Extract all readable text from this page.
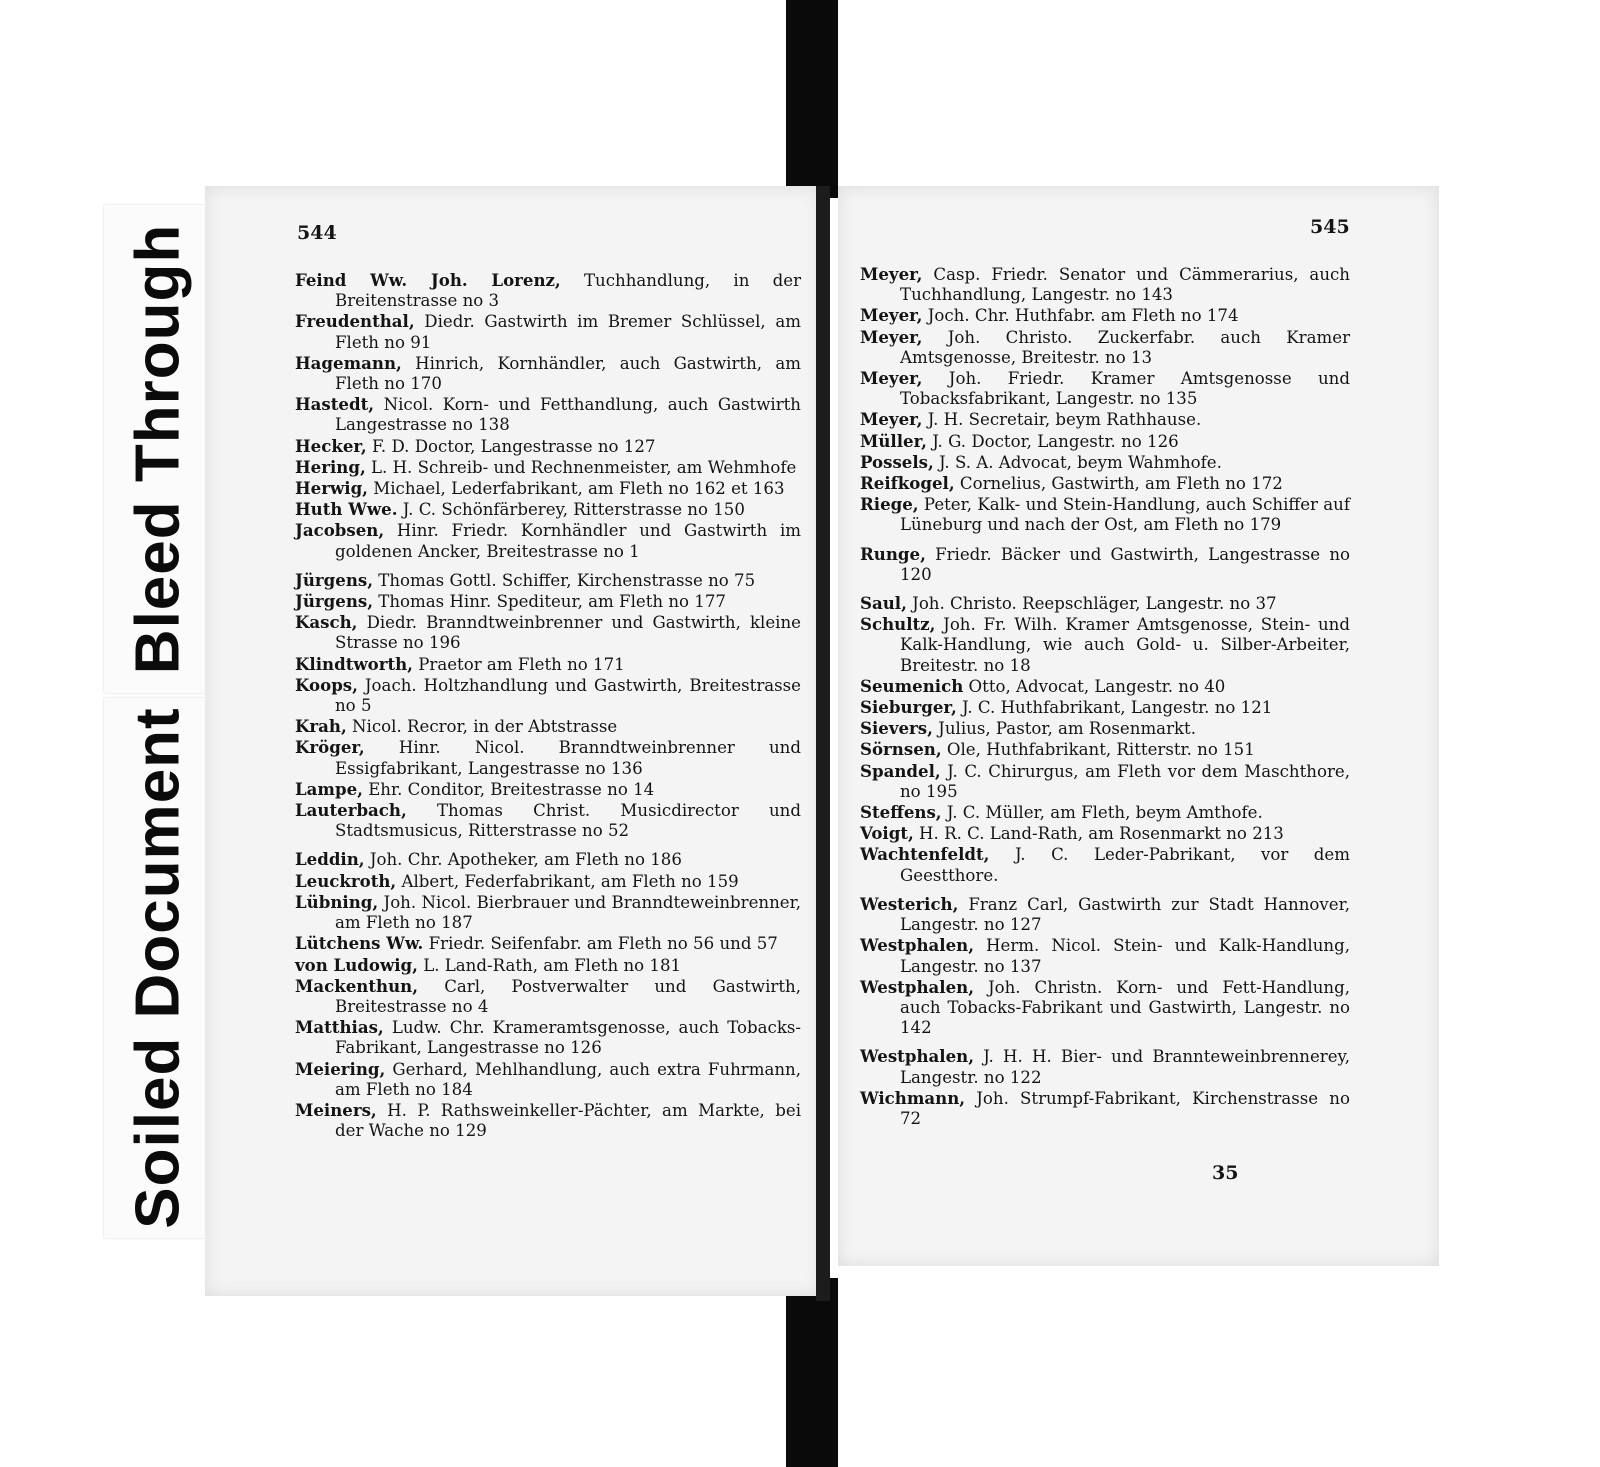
Bleed Through
Soiled Document
544
Feind Ww. Joh. Lorenz, Tuchhandlung, in der Breitenstrasse no 3
Freudenthal, Diedr. Gastwirth im Bremer Schlüssel, am Fleth no 91
Hagemann, Hinrich, Kornhändler, auch Gastwirth, am Fleth no 170
Hastedt, Nicol. Korn- und Fetthandlung, auch Gastwirth Langestrasse no 138
Hecker, F. D. Doctor, Langestrasse no 127
Hering, L. H. Schreib- und Rechnenmeister, am Wehmhofe
Herwig, Michael, Lederfabrikant, am Fleth no 162 et 163
Huth Wwe. J. C. Schönfärberey, Ritterstrasse no 150
Jacobsen, Hinr. Friedr. Kornhändler und Gastwirth im goldenen Ancker, Breitestrasse no 1
Jürgens, Thomas Gottl. Schiffer, Kirchenstrasse no 75
Jürgens, Thomas Hinr. Spediteur, am Fleth no 177
Kasch, Diedr. Branndtweinbrenner und Gastwirth, kleine Strasse no 196
Klindtworth, Praetor am Fleth no 171
Koops, Joach. Holtzhandlung und Gastwirth, Breitestrasse no 5
Krah, Nicol. Recror, in der Abtstrasse
Kröger, Hinr. Nicol. Branndtweinbrenner und Essigfabrikant, Langestrasse no 136
Lampe, Ehr. Conditor, Breitestrasse no 14
Lauterbach, Thomas Christ. Musicdirector und Stadtsmusicus, Ritterstrasse no 52
Leddin, Joh. Chr. Apotheker, am Fleth no 186
Leuckroth, Albert, Federfabrikant, am Fleth no 159
Lübning, Joh. Nicol. Bierbrauer und Branndteweinbrenner, am Fleth no 187
Lütchens Ww. Friedr. Seifenfabr. am Fleth no 56 und 57
von Ludowig, L. Land-Rath, am Fleth no 181
Mackenthun, Carl, Postverwalter und Gastwirth, Breitestrasse no 4
Matthias, Ludw. Chr. Krameramtsgenosse, auch Tobacks-Fabrikant, Langestrasse no 126
Meiering, Gerhard, Mehlhandlung, auch extra Fuhrmann, am Fleth no 184
Meiners, H. P. Rathsweinkeller-Pächter, am Markte, bei der Wache no 129
545
Meyer, Casp. Friedr. Senator und Cämmerarius, auch Tuchhandlung, Langestr. no 143
Meyer, Joch. Chr. Huthfabr. am Fleth no 174
Meyer, Joh. Christo. Zuckerfabr. auch Kramer Amtsgenosse, Breitestr. no 13
Meyer, Joh. Friedr. Kramer Amtsgenosse und Tobacksfabrikant, Langestr. no 135
Meyer, J. H. Secretair, beym Rathhause.
Müller, J. G. Doctor, Langestr. no 126
Possels, J. S. A. Advocat, beym Wahmhofe.
Reifkogel, Cornelius, Gastwirth, am Fleth no 172
Riege, Peter, Kalk- und Stein-Handlung, auch Schiffer auf Lüneburg und nach der Ost, am Fleth no 179
Runge, Friedr. Bäcker und Gastwirth, Langestrasse no 120
Saul, Joh. Christo. Reepschläger, Langestr. no 37
Schultz, Joh. Fr. Wilh. Kramer Amtsgenosse, Stein- und Kalk-Handlung, wie auch Gold- u. Silber-Arbeiter, Breitestr. no 18
Seumenich Otto, Advocat, Langestr. no 40
Sieburger, J. C. Huthfabrikant, Langestr. no 121
Sievers, Julius, Pastor, am Rosenmarkt.
Sörnsen, Ole, Huthfabrikant, Ritterstr. no 151
Spandel, J. C. Chirurgus, am Fleth vor dem Maschthore, no 195
Steffens, J. C. Müller, am Fleth, beym Amthofe.
Voigt, H. R. C. Land-Rath, am Rosenmarkt no 213
Wachtenfeldt, J. C. Leder-Pabrikant, vor dem Geestthore.
Westerich, Franz Carl, Gastwirth zur Stadt Hannover, Langestr. no 127
Westphalen, Herm. Nicol. Stein- und Kalk-Handlung, Langestr. no 137
Westphalen, Joh. Christn. Korn- und Fett-Handlung, auch Tobacks-Fabrikant und Gastwirth, Langestr. no 142
Westphalen, J. H. H. Bier- und Brannteweinbrennerey, Langestr. no 122
Wichmann, Joh. Strumpf-Fabrikant, Kirchenstrasse no 72
35
